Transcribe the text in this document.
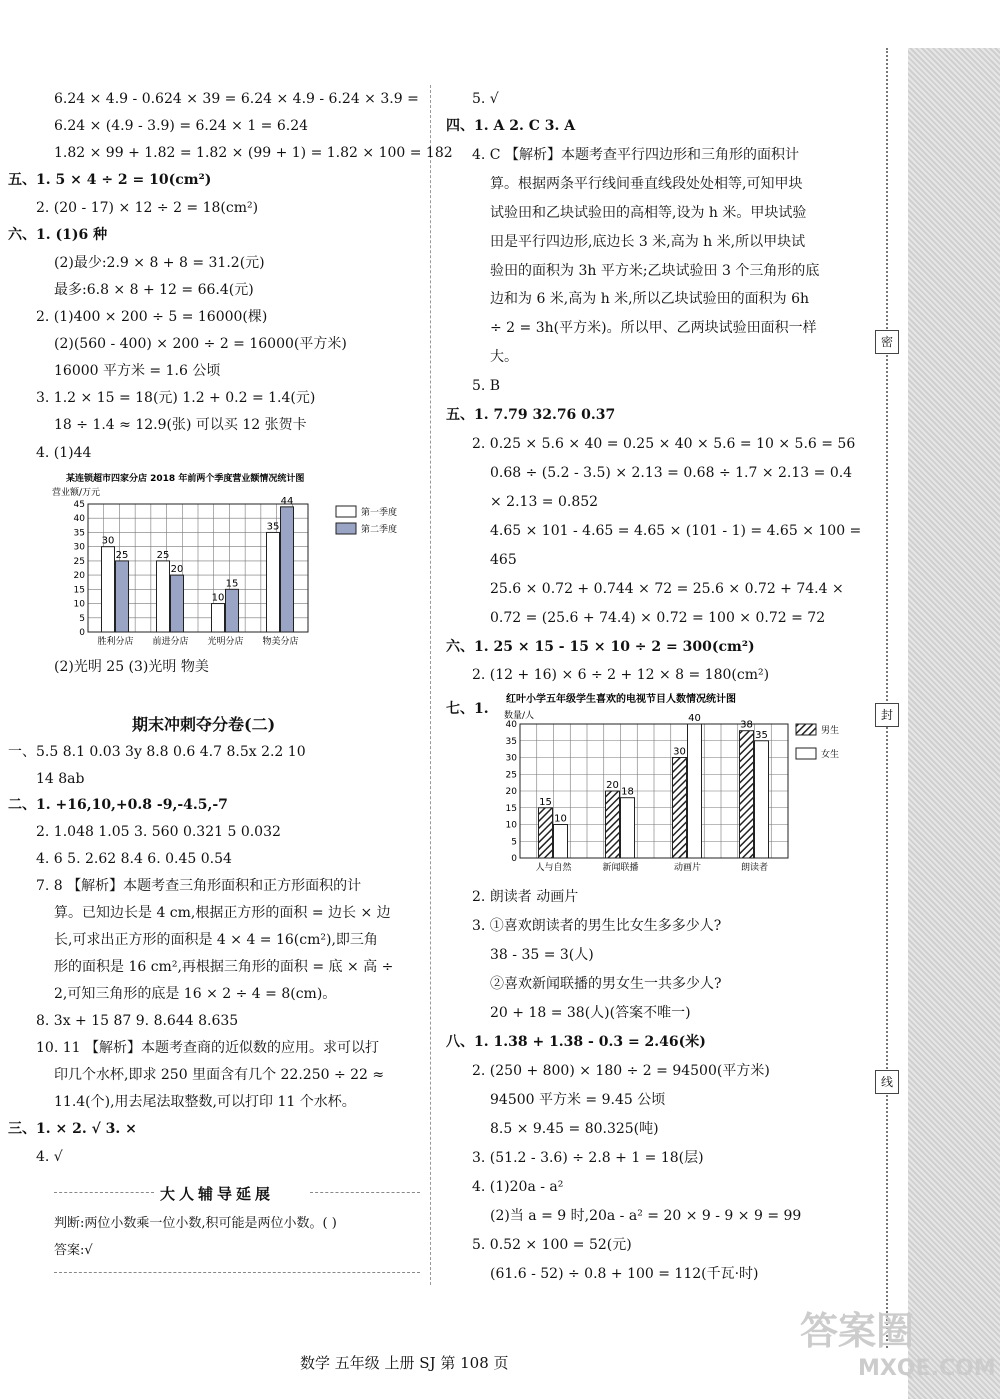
密
封
线
6.24 × 4.9 - 0.624 × 39 = 6.24 × 4.9 - 6.24 × 3.9 =
6.24 × (4.9 - 3.9) = 6.24 × 1 = 6.24
1.82 × 99 + 1.82 = 1.82 × (99 + 1) = 1.82 × 100 = 182
五、1. 5 × 4 ÷ 2 = 10(cm²)
2. (20 - 17) × 12 ÷ 2 = 18(cm²)
六、1. (1)6 种
(2)最少:2.9 × 8 + 8 = 31.2(元)
最多:6.8 × 8 + 12 = 66.4(元)
2. (1)400 × 200 ÷ 5 = 16000(棵)
(2)(560 - 400) × 200 ÷ 2 = 16000(平方米)
16000 平方米 = 1.6 公顷
3. 1.2 × 15 = 18(元) 1.2 + 0.2 = 1.4(元)
18 ÷ 1.4 ≈ 12.9(张) 可以买 12 张贺卡
4. (1)44
某连锁超市四家分店 2018 年前两个季度营业额情况统计图
营业额/万元
0
5
10
15
20
25
30
35
40
45
胜利分店
30
25
前进分店
25
20
光明分店
10
15
物美分店
35
44
第一季度
第二季度
(2)光明 25 (3)光明 物美
期末冲刺夺分卷(二)
一、5.5 8.1 0.03 3y 8.8 0.6 4.7 8.5x 2.2 10
14 8ab
二、1. +16,10,+0.8 -9,-4.5,-7
2. 1.048 1.05 3. 560 0.321 5 0.032
4. 6 5. 2.62 8.4 6. 0.45 0.54
7. 8 【解析】本题考查三角形面积和正方形面积的计
算。已知边长是 4 cm,根据正方形的面积 = 边长 × 边
长,可求出正方形的面积是 4 × 4 = 16(cm²),即三角
形的面积是 16 cm²,再根据三角形的面积 = 底 × 高 ÷
2,可知三角形的底是 16 × 2 ÷ 4 = 8(cm)。
8. 3x + 15 87 9. 8.644 8.635
10. 11 【解析】本题考查商的近似数的应用。求可以打
印几个水杯,即求 250 里面含有几个 22.250 ÷ 22 ≈
11.4(个),用去尾法取整数,可以打印 11 个水杯。
三、1. × 2. √ 3. ×
4. √
大人辅导延展
判断:两位小数乘一位小数,积可能是两位小数。( )
答案:√
5. √
四、1. A 2. C 3. A
4. C 【解析】本题考查平行四边形和三角形的面积计
算。根据两条平行线间垂直线段处处相等,可知甲块
试验田和乙块试验田的高相等,设为 h 米。甲块试验
田是平行四边形,底边长 3 米,高为 h 米,所以甲块试
验田的面积为 3h 平方米;乙块试验田 3 个三角形的底
边和为 6 米,高为 h 米,所以乙块试验田的面积为 6h
÷ 2 = 3h(平方米)。所以甲、乙两块试验田面积一样
大。
5. B
五、1. 7.79 32.76 0.37
2. 0.25 × 5.6 × 40 = 0.25 × 40 × 5.6 = 10 × 5.6 = 56
0.68 ÷ (5.2 - 3.5) × 2.13 = 0.68 ÷ 1.7 × 2.13 = 0.4
× 2.13 = 0.852
4.65 × 101 - 4.65 = 4.65 × (101 - 1) = 4.65 × 100 =
465
25.6 × 0.72 + 0.744 × 72 = 25.6 × 0.72 + 74.4 ×
0.72 = (25.6 + 74.4) × 0.72 = 100 × 0.72 = 72
六、1. 25 × 15 - 15 × 10 ÷ 2 = 300(cm²)
2. (12 + 16) × 6 ÷ 2 + 12 × 8 = 180(cm²)
七、1.
红叶小学五年级学生喜欢的电视节目人数情况统计图
数量/人
0
5
10
15
20
25
30
35
40
人与自然
15
10
新闻联播
20
18
动画片
30
40
朗读者
38
35	男生
女生
2. 朗读者 动画片
3. ①喜欢朗读者的男生比女生多多少人?
38 - 35 = 3(人)
②喜欢新闻联播的男女生一共多少人?
20 + 18 = 38(人)(答案不唯一)
八、1. 1.38 + 1.38 - 0.3 = 2.46(米)
2. (250 + 800) × 180 ÷ 2 = 94500(平方米)
94500 平方米 = 9.45 公顷
8.5 × 9.45 = 80.325(吨)
3. (51.2 - 3.6) ÷ 2.8 + 1 = 18(层)
4. (1)20a - a²
(2)当 a = 9 时,20a - a² = 20 × 9 - 9 × 9 = 99
5. 0.52 × 100 = 52(元)
(61.6 - 52) ÷ 0.8 + 100 = 112(千瓦·时)
数学 五年级 上册 SJ 第 108 页
答案圈
MXQE.COM
